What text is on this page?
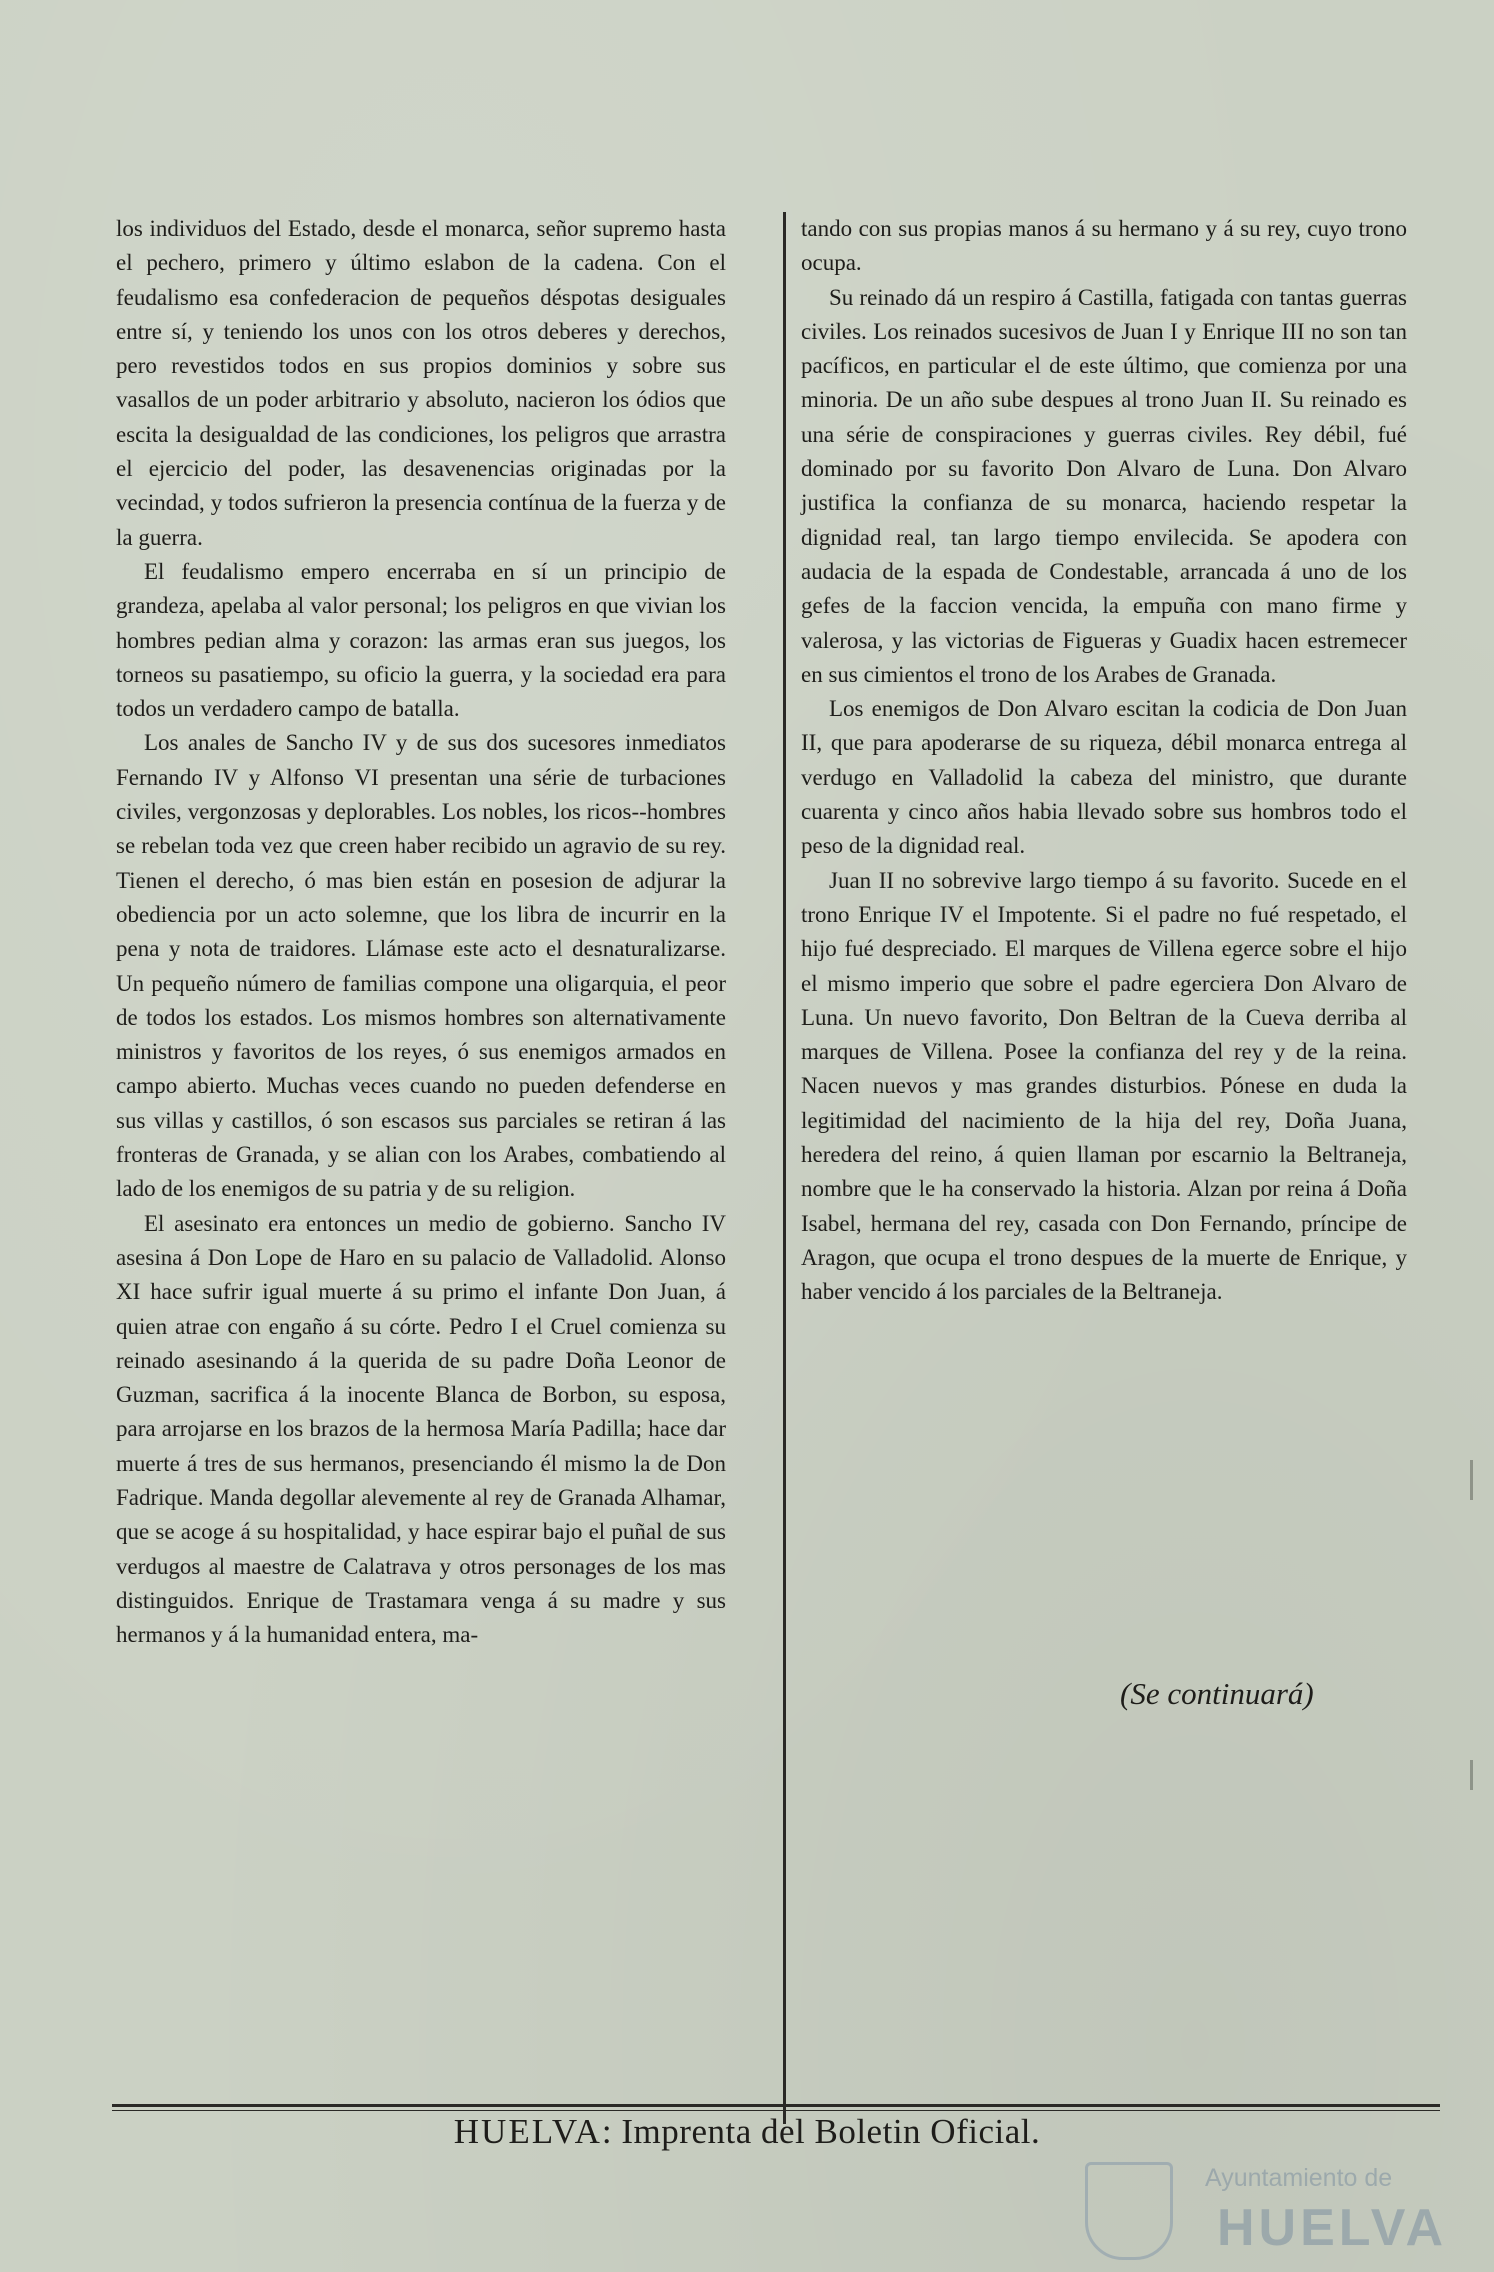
los individuos del Estado, desde el monarca, señor supremo hasta el pechero, primero y último eslabon de la cadena. Con el feudalismo esa confederacion de pequeños déspotas desiguales entre sí, y teniendo los unos con los otros deberes y derechos, pero revestidos todos en sus propios dominios y sobre sus vasallos de un poder arbitrario y absoluto, nacieron los ódios que escita la desigualdad de las condiciones, los peligros que arrastra el ejercicio del poder, las desavenencias originadas por la vecindad, y todos sufrieron la presencia contínua de la fuerza y de la guerra.

El feudalismo empero encerraba en sí un principio de grandeza, apelaba al valor personal; los peligros en que vivian los hombres pedian alma y corazon: las armas eran sus juegos, los torneos su pasatiempo, su oficio la guerra, y la sociedad era para todos un verdadero campo de batalla.

Los anales de Sancho IV y de sus dos sucesores inmediatos Fernando IV y Alfonso VI presentan una série de turbaciones civiles, vergonzosas y deplorables. Los nobles, los ricos--hombres se rebelan toda vez que creen haber recibido un agravio de su rey. Tienen el derecho, ó mas bien están en posesion de adjurar la obediencia por un acto solemne, que los libra de incurrir en la pena y nota de traidores. Llámase este acto el desnaturalizarse. Un pequeño número de familias compone una oligarquia, el peor de todos los estados. Los mismos hombres son alternativamente ministros y favoritos de los reyes, ó sus enemigos armados en campo abierto. Muchas veces cuando no pueden defenderse en sus villas y castillos, ó son escasos sus parciales se retiran á las fronteras de Granada, y se alian con los Arabes, combatiendo al lado de los enemigos de su patria y de su religion.

El asesinato era entonces un medio de gobierno. Sancho IV asesina á Don Lope de Haro en su palacio de Valladolid. Alonso XI hace sufrir igual muerte á su primo el infante Don Juan, á quien atrae con engaño á su córte. Pedro I el Cruel comienza su reinado asesinando á la querida de su padre Doña Leonor de Guzman, sacrifica á la inocente Blanca de Borbon, su esposa, para arrojarse en los brazos de la hermosa María Padilla; hace dar muerte á tres de sus hermanos, presenciando él mismo la de Don Fadrique. Manda degollar alevemente al rey de Granada Alhamar, que se acoge á su hospitalidad, y hace espirar bajo el puñal de sus verdugos al maestre de Calatrava y otros personages de los mas distinguidos. Enrique de Trastamara venga á su madre y sus hermanos y á la humanidad entera, ma-

tando con sus propias manos á su hermano y á su rey, cuyo trono ocupa.

Su reinado dá un respiro á Castilla, fatigada con tantas guerras civiles. Los reinados sucesivos de Juan I y Enrique III no son tan pacíficos, en particular el de este último, que comienza por una minoria. De un año sube despues al trono Juan II. Su reinado es una série de conspiraciones y guerras civiles. Rey débil, fué dominado por su favorito Don Alvaro de Luna. Don Alvaro justifica la confianza de su monarca, haciendo respetar la dignidad real, tan largo tiempo envilecida. Se apodera con audacia de la espada de Condestable, arrancada á uno de los gefes de la faccion vencida, la empuña con mano firme y valerosa, y las victorias de Figueras y Guadix hacen estremecer en sus cimientos el trono de los Arabes de Granada.

Los enemigos de Don Alvaro escitan la codicia de Don Juan II, que para apoderarse de su riqueza, débil monarca entrega al verdugo en Valladolid la cabeza del ministro, que durante cuarenta y cinco años habia llevado sobre sus hombros todo el peso de la dignidad real.

Juan II no sobrevive largo tiempo á su favorito. Sucede en el trono Enrique IV el Impotente. Si el padre no fué respetado, el hijo fué despreciado. El marques de Villena egerce sobre el hijo el mismo imperio que sobre el padre egerciera Don Alvaro de Luna. Un nuevo favorito, Don Beltran de la Cueva derriba al marques de Villena. Posee la confianza del rey y de la reina. Nacen nuevos y mas grandes disturbios. Pónese en duda la legitimidad del nacimiento de la hija del rey, Doña Juana, heredera del reino, á quien llaman por escarnio la Beltraneja, nombre que le ha conservado la historia. Alzan por reina á Doña Isabel, hermana del rey, casada con Don Fernando, príncipe de Aragon, que ocupa el trono despues de la muerte de Enrique, y haber vencido á los parciales de la Beltraneja.

(Se continuará)
HUELVA: Imprenta del Boletin Oficial.
Ayuntamiento de
HUELVA
